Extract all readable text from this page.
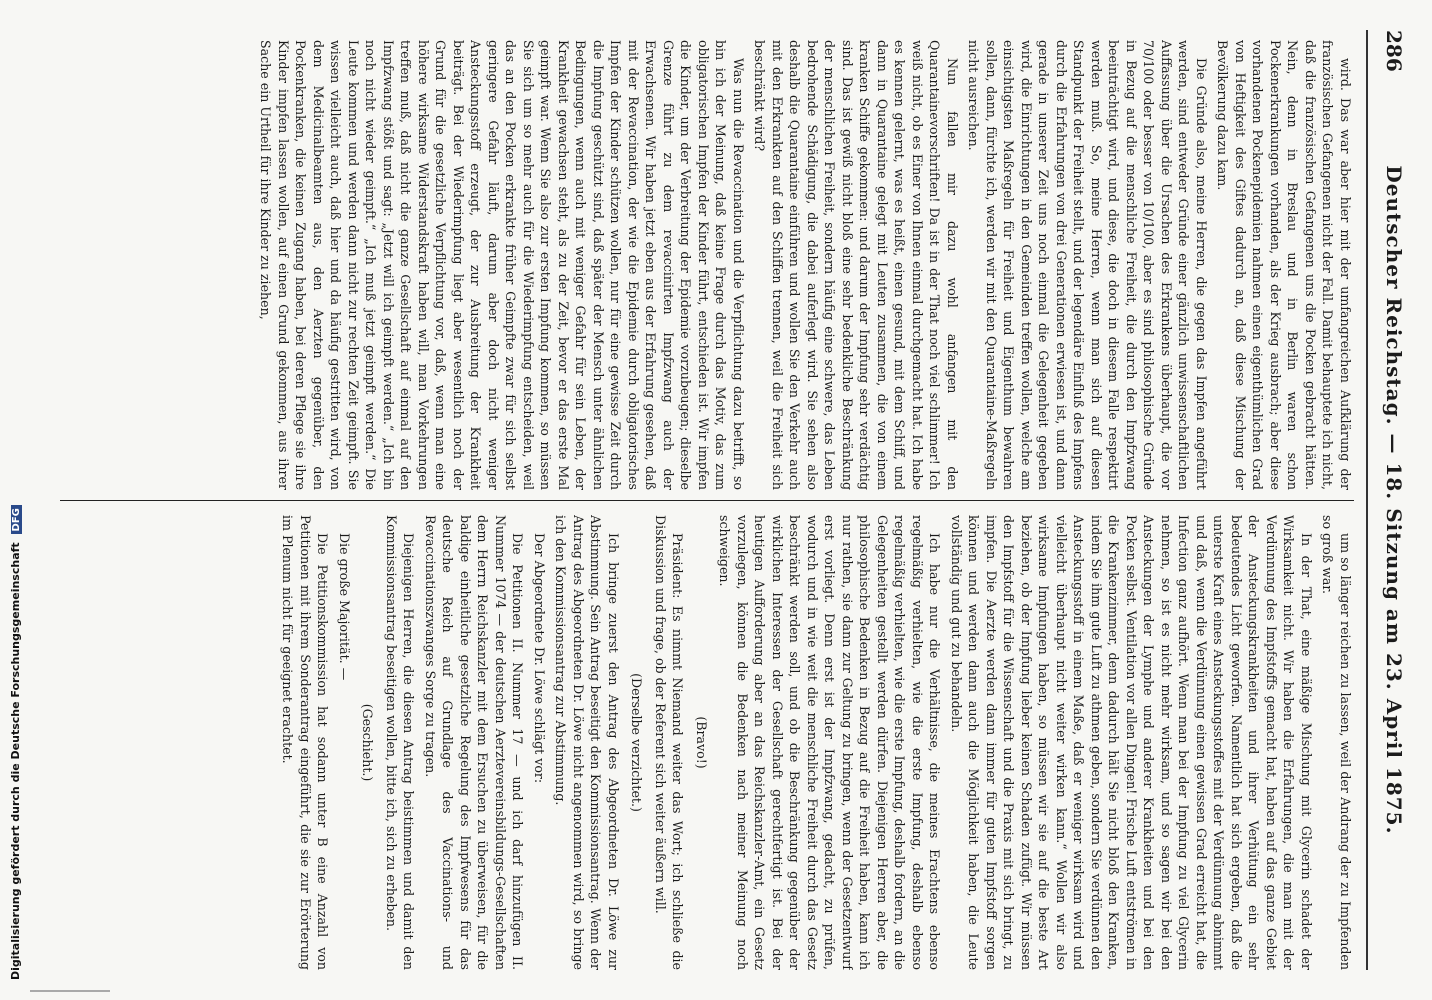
286
Deutscher Reichstag. — 18. Sitzung am 23. April 1875.

wird. Das war aber hier mit der umfangreichen Aufklärung der französischen Gefangenen nicht der Fall. Damit behauptete ich nicht, daß die französischen Gefangenen uns die Pocken gebracht hätten. Nein, denn in Breslau und in Berlin waren schon Pockenerkrankungen vorhanden, als der Krieg ausbrach; aber diese vorhandenen Pockenepidemien nahmen einen eigenthümlichen Grad von Heftigkeit des Giftes dadurch an, daß diese Mischung der Bevölkerung dazu kam.

Die Gründe also, meine Herren, die gegen das Impfen angeführt werden, sind entweder Gründe einer gänzlich unwissenschaftlichen Auffassung über die Ursachen des Erkrankens überhaupt, die vor 70/100 oder besser von 10/100, aber es sind philosophische Gründe in Bezug auf die menschliche Freiheit, die durch den Impfzwang beeinträchtigt wird, und diese, die doch in diesem Falle respektirt werden muß. So, meine Herren, wenn man sich auf diesen Standpunkt der Freiheit stellt, und der legendäre Einfluß des Impfens durch die Erfahrungen von drei Generationen erwiesen ist, und dann gerade in unserer Zeit uns noch einmal die Gelegenheit gegeben wird, die Einrichtungen in den Gemeinden treffen wollen, welche am einsichtigsten Maßregeln für Freiheit und Eigenthum bewahren sollen, dann, fürchte ich, werden wir mit den Quarantaine-Maßregeln nicht ausreichen.

Nun fallen mir dazu wohl anfangen mit den Quarantainevorschriften! Da ist in der That noch viel schlimmer! Ich weiß nicht, ob es Einer von Ihnen einmal durchgemacht hat. Ich habe es kennen gelernt, was es heißt, einen gesund, mit dem Schiff, und dann in Quarantaine gelegt mit Leuten zusammen, die von einem kranken Schiffe gekommen: und darum der Impfung sehr verdächtig sind. Das ist gewiß nicht bloß eine sehr bedenkliche Beschränkung der menschlichen Freiheit, sondern häufig eine schwere, das Leben bedrohende Schädigung, die dabei auferlegt wird. Sie sehen also deshalb die Quarantaine einführen und wollen Sie den Verkehr auch mit den Erkrankten auf den Schiffen trennen, weil die Freiheit sich beschränkt wird?

Was nun die Revaccination und die Verpflichtung dazu betrifft, so bin ich der Meinung, daß keine Frage durch das Motiv, das zum obligatorischen Impfen der Kinder führt, entschieden ist. Wir impfen die Kinder, um der Verbreitung der Epidemie vorzubeugen; dieselbe Grenze führt zu dem revaccinirten Impfzwang auch der Erwachsenen. Wir haben jetzt eben aus der Erfahrung gesehen, daß mit der Revaccination, der wie die Epidemie durch obligatorisches Impfen der Kinder schützen wollen, nur für eine gewisse Zeit durch die Impfung geschützt sind, daß später der Mensch unter ähnlichen Bedingungen, wenn auch mit weniger Gefahr für sein Leben, der Krankheit gewachsen steht, als zu der Zeit, bevor er das erste Mal geimpft war. Wenn Sie also zur ersten Impfung kommen, so müssen Sie sich um so mehr auch für die Wiederimpfung entscheiden, weil das an den Pocken erkrankte früher Geimpfte zwar für sich selbst geringere Gefahr läuft, darum aber doch nicht weniger Ansteckungsstoff erzeugt, der zur Ausbreitung der Krankheit beiträgt. Bei der Wiederimpfung liegt aber wesentlich noch der Grund für die gesetzliche Verpflichtung vor, daß, wenn man eine höhere wirksame Widerstandskraft haben will, man Vorkehrungen treffen muß, daß nicht die ganze Gesellschaft auf einmal auf den Impfzwang stößt und sagt: „Jetzt will ich geimpft werden.“ „Ich bin noch nicht wieder geimpft.“ „Ich muß jetzt geimpft werden.“ Die Leute kommen und werden dann nicht zur rechten Zeit geimpft. Sie wissen vielleicht auch, daß hier und da häufig gestritten wird, von dem Medicinalbeamten aus, den Aerzten gegenüber, den Pockenkranken, die keinen Zugang haben, bei deren Pflege sie ihre Kinder impfen lassen wollen, auf einen Grund gekommen, aus ihrer Sache ein Urtheil für ihre Kinder zu ziehen,

um so länger reichen zu lassen, weil der Andrang der zu Impfenden so groß war.

In der That, eine mäßige Mischung mit Glycerin schadet der Wirksamkeit nicht. Wir haben die Erfahrungen, die man mit der Verdünnung des Impfstoffs gemacht hat, haben auf das ganze Gebiet der Ansteckungskrankheiten und ihrer Verhütung ein sehr bedeutendes Licht geworfen. Namentlich hat sich ergeben, daß die unterste Kraft eines Ansteckungsstoffes mit der Verdünnung abnimmt und daß, wenn die Verdünnung einen gewissen Grad erreicht hat, die Infection ganz aufhört. Wenn man bei der Impfung zu viel Glycerin nehmen, so ist es nicht mehr wirksam, und so sagen wir bei den Ansteckungen der Lymphe und anderer Krankheiten und bei den Pocken selbst. Ventilation vor allen Dingen! Frische Luft entströmen in die Krankenzimmer, denn dadurch hält Sie nicht bloß den Kranken, indem Sie ihm gute Luft zu athmen geben, sondern Sie verdünnen den Ansteckungsstoff in einem Maße, daß er weniger wirksam wird und vielleicht überhaupt nicht weiter wirken kann.“ Wollen wir also wirksame Impfungen haben, so müssen wir sie auf die beste Art beziehen, ob der Impfung lieber keinen Schaden zufügt. Wir müssen den Impfstoff für die Wissenschaft und die Praxis mit sich bringt, zu impfen. Die Aerzte werden dann immer für guten Impfstoff sorgen können und werden dann auch die Möglichkeit haben, die Leute vollständig und gut zu behandeln.

Ich habe nur die Verhältnisse, die meines Erachtens ebenso regelmäßig verhielten, wie die erste Impfung, deshalb ebenso regelmäßig verhielten, wie die erste Impfung, deshalb fordern, an die Gelegenheiten gestellt werden dürfen. Diejenigen Herren aber, die philosophische Bedenken in Bezug auf die Freiheit haben, kann ich nur rathen, sie dann zur Geltung zu bringen, wenn der Gesetzentwurf erst vorliegt. Denn erst ist der Impfzwang, gedacht, zu prüfen, wodurch und in wie weit die menschliche Freiheit durch das Gesetz beschränkt werden soll, und ob die Beschränkung gegenüber der wirklichen Interessen der Gesellschaft gerechtfertigt ist. Bei der heutigen Aufforderung aber an das Reichskanzler-Amt, ein Gesetz vorzulegen, können die Bedenken nach meiner Meinung noch schweigen.

(Bravo!)

Präsident: Es nimmt Niemand weiter das Wort; ich schließe die Diskussion und frage, ob der Referent sich weiter äußern will.

(Derselbe verzichtet.)

Ich bringe zuerst den Antrag des Abgeordneten Dr. Löwe zur Abstimmung. Sein Antrag beseitigt den Kommissionsantrag. Wenn der Antrag des Abgeordneten Dr. Löwe nicht angenommen wird, so bringe ich den Kommissionsantrag zur Abstimmung.

Der Abgeordnete Dr. Löwe schlägt vor:

Die Petitionen II. Nummer 17 — und ich darf hinzufügen II. Nummer 1074 — der deutschen Aerztevereinsbildungs-Gesellschaften dem Herrn Reichskanzler mit dem Ersuchen zu überweisen, für die baldige einheitliche gesetzliche Regelung des Impfwesens für das deutsche Reich auf Grundlage des Vaccinations- und Revaccinationszwanges Sorge zu tragen.

Diejenigen Herren, die diesen Antrag beistimmen und damit den Kommissionsantrag beseitigen wollen, bitte ich, sich zu erheben.

(Geschieht.)

Die große Majorität. —

Die Petitionskommission hat sodann unter B eine Anzahl von Petitionen mit ihrem Sonderantrag eingeführt, die sie zur Erörterung im Plenum nicht für geeignet erachtet.

Digitalisierung gefördert durch die Deutsche Forschungsgemeinschaft DFG
